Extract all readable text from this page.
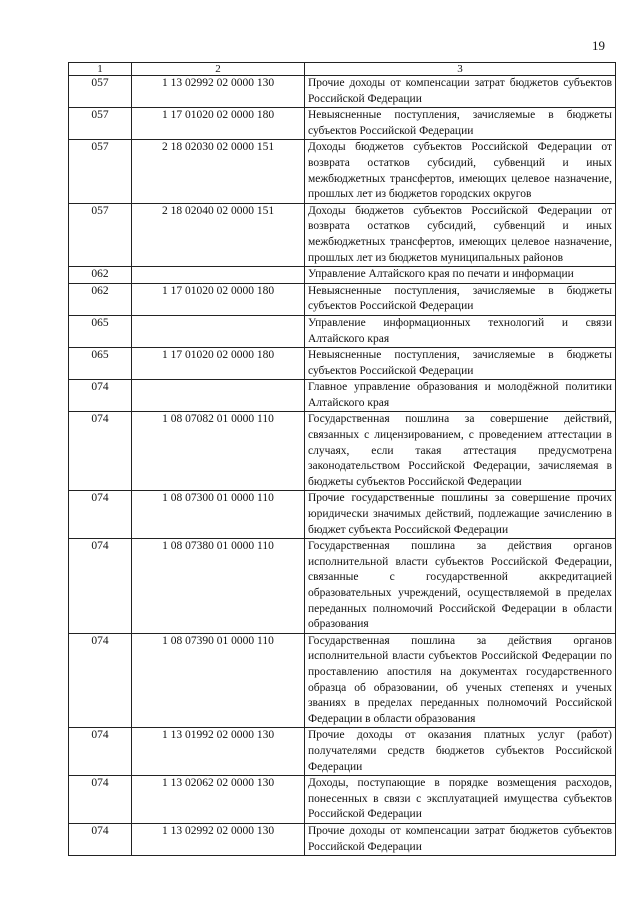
19
1	2	3
057	1 13 02992 02 0000 130	Прочие доходы от компенсации затрат бюджетов субъектов Российской Федерации
057	1 17 01020 02 0000 180	Невыясненные поступления, зачисляемые в бюджеты субъектов Российской Федерации
057	2 18 02030 02 0000 151	Доходы бюджетов субъектов Российской Федерации от возврата остатков субсидий, субвенций и иных межбюджетных трансфертов, имеющих целевое назначение, прошлых лет из бюджетов городских округов
057	2 18 02040 02 0000 151	Доходы бюджетов субъектов Российской Федерации от возврата остатков субсидий, субвенций и иных межбюджетных трансфертов, имеющих целевое назначение, прошлых лет из бюджетов муниципальных районов
062		Управление Алтайского края по печати и информации
062	1 17 01020 02 0000 180	Невыясненные поступления, зачисляемые в бюджеты субъектов Российской Федерации
065		Управление информационных технологий и связи Алтайского края
065	1 17 01020 02 0000 180	Невыясненные поступления, зачисляемые в бюджеты субъектов Российской Федерации
074		Главное управление образования и молодёжной политики Алтайского края
074	1 08 07082 01 0000 110	Государственная пошлина за совершение действий, связанных с лицензированием, с проведением аттестации в случаях, если такая аттестация предусмотрена законодательством Российской Федерации, зачисляемая в бюджеты субъектов Российской Федерации
074	1 08 07300 01 0000 110	Прочие государственные пошлины за совершение прочих юридически значимых действий, подлежащие зачислению в бюджет субъекта Российской Федерации
074	1 08 07380 01 0000 110	Государственная пошлина за действия органов исполнительной власти субъектов Российской Федерации, связанные с государственной аккредитацией образовательных учреждений, осуществляемой в пределах переданных полномочий Российской Федерации в области образования
074	1 08 07390 01 0000 110	Государственная пошлина за действия органов исполнительной власти субъектов Российской Федерации по проставлению апостиля на документах государственного образца об образовании, об ученых степенях и ученых званиях в пределах переданных полномочий Российской Федерации в области образования
074	1 13 01992 02 0000 130	Прочие доходы от оказания платных услуг (работ) получателями средств бюджетов субъектов Российской Федерации
074	1 13 02062 02 0000 130	Доходы, поступающие в порядке возмещения расходов, понесенных в связи с эксплуатацией имущества субъектов Российской Федерации
074	1 13 02992 02 0000 130	Прочие доходы от компенсации затрат бюджетов субъектов Российской Федерации
